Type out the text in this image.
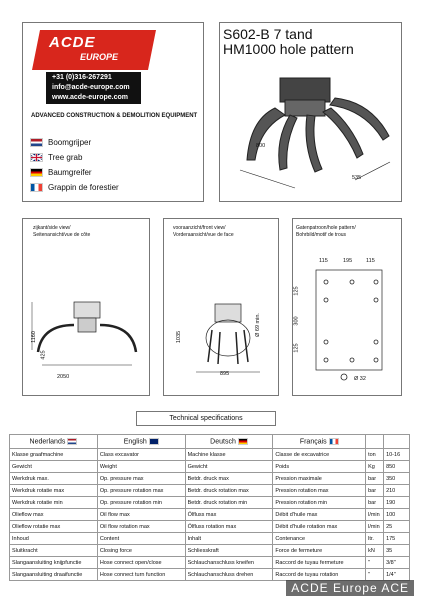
ACDE
EUROPE
+31 (0)316-267291
info@acde-europe.com
www.acde-europe.com
ADVANCED CONSTRUCTION & DEMOLITION EQUIPMENT
Boomgrijper
Tree grab
Baumgreifer
Grappin de forestier
S602-B 7 tand
HM1000 hole pattern
800
535
zijkant/side view/
Seitenansicht/vue de côte
1160
425
2050
vooraanzicht/front view/
Vorderaansicht/vue de face
1035
Ø 69 min.
895
Gatenpatroon/hole pattern/
Bohrbild/motif de trous
115	195	115
125
300
125
Ø 32
Technical specifications
Nederlands	English	Deutsch	Français		
Klasse graafmachine	Class excavator	Machine klasse	Classe de excavatrice	ton	10-16
Gewicht	Weight	Gewicht	Poids	Kg	850
Werkdruk max.	Op. pressure max	Betdr. druck max	Pression maximale	bar	350
Werkdruk rotatie max	Op. pressure rotation max	Betdr. druck rotation max	Pression rotation max	bar	210
Werkdruk rotatie min	Op. pressure rotation min	Betdr. druck rotation min	Pression rotation min	bar	190
Olieflow max	Oil flow max	Ölfluss max	Débit d'huile max	l/min	100
Olieflow rotatie max	Oil flow rotation max	Ölfluss rotation max	Débit d'huile rotation max	l/min	25
Inhoud	Content	Inhalt	Contenance	ltr.	175
Sluitkracht	Closing force	Schliesskraft	Force de fermeture	kN	35
Slangaansluiting knijpfunctie	Hose connect open/close	Schlauchanschluss kneifen	Raccord de tuyau fermeture	"	3/8"
Slangaansluiting draaifunctie	Hose connect turn function	Schlauchanschluss drehen	Raccord de tuyau rotation	"	1/4"
ACDE Europe ACE
